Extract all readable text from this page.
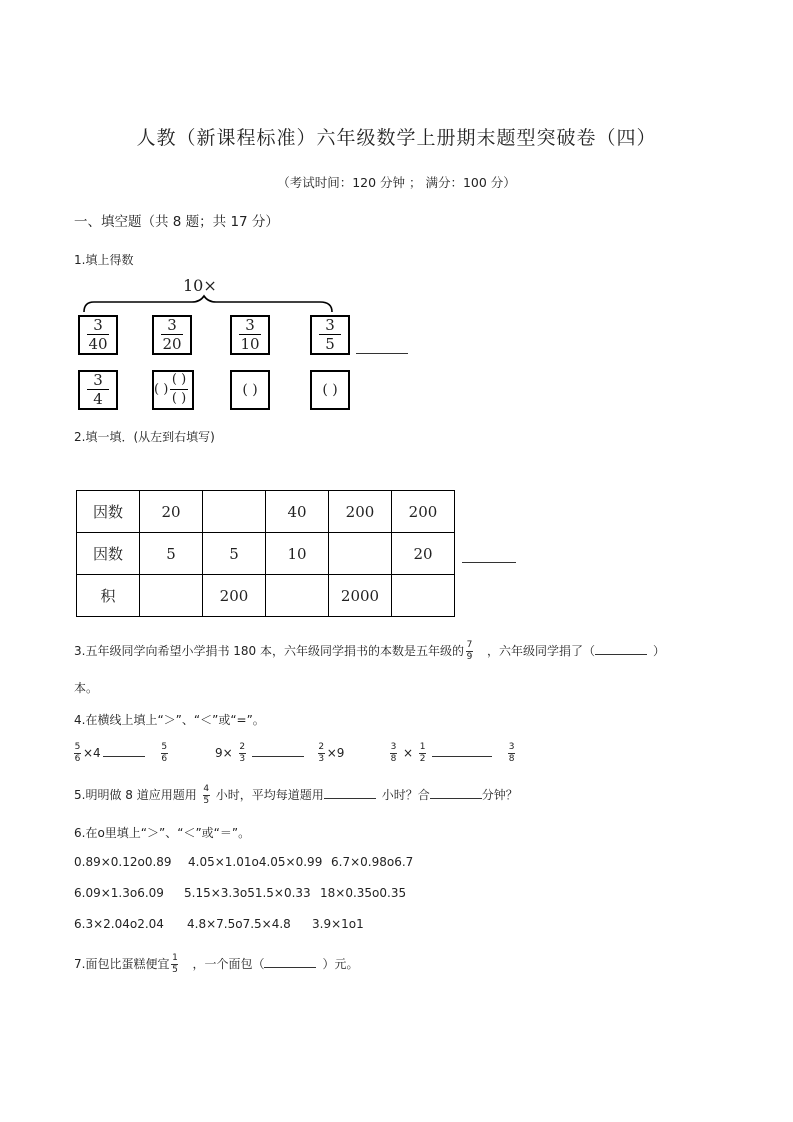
人教（新课程标准）六年级数学上册期末题型突破卷（四）
（考试时间：120 分钟 ； 满分：100 分）
一、填空题（共 8 题；共 17 分）
1.填上得数
10×
3
40
3
20
3
10
3
5
3
4
( )
( )
( )
( )	( )
2.填一填．(从左到右填写)
因数	20		40	200	200
因数	5	5	10		20
积		200		2000	
3.五年级同学向希望小学捐书 180 本，六年级同学捐书的本数是五年级的 $\frac{7}{9}$ ，六年级同学捐了（	）
本。
4.在横线上填上“＞”、“＜”或“=”。
$\frac{5}{6} \times 4$	$\frac{5}{6}$	$9\times \frac{2}{3}$	$\frac{2}{3} \times 9$	$\frac{3}{8} \times \frac{1}{2}$	$\frac{3}{8}$
5.明明做 8 道应用题用 $\frac{4}{5}$ 小时，平均每道题用	小时？合	分钟？
6.在ο里填上“＞”、“＜”或“＝”。
0.89×0.12ο0.89 4.05×1.01ο4.05×0.99 6.7×0.98ο6.7
6.09×1.3ο6.09 5.15×3.3ο51.5×0.33 18×0.35ο0.35
6.3×2.04ο2.04 4.8×7.5ο7.5×4.8 3.9×1ο1
7.面包比蛋糕便宜 $\frac{1}{5}$ ，一个面包（	）元。
